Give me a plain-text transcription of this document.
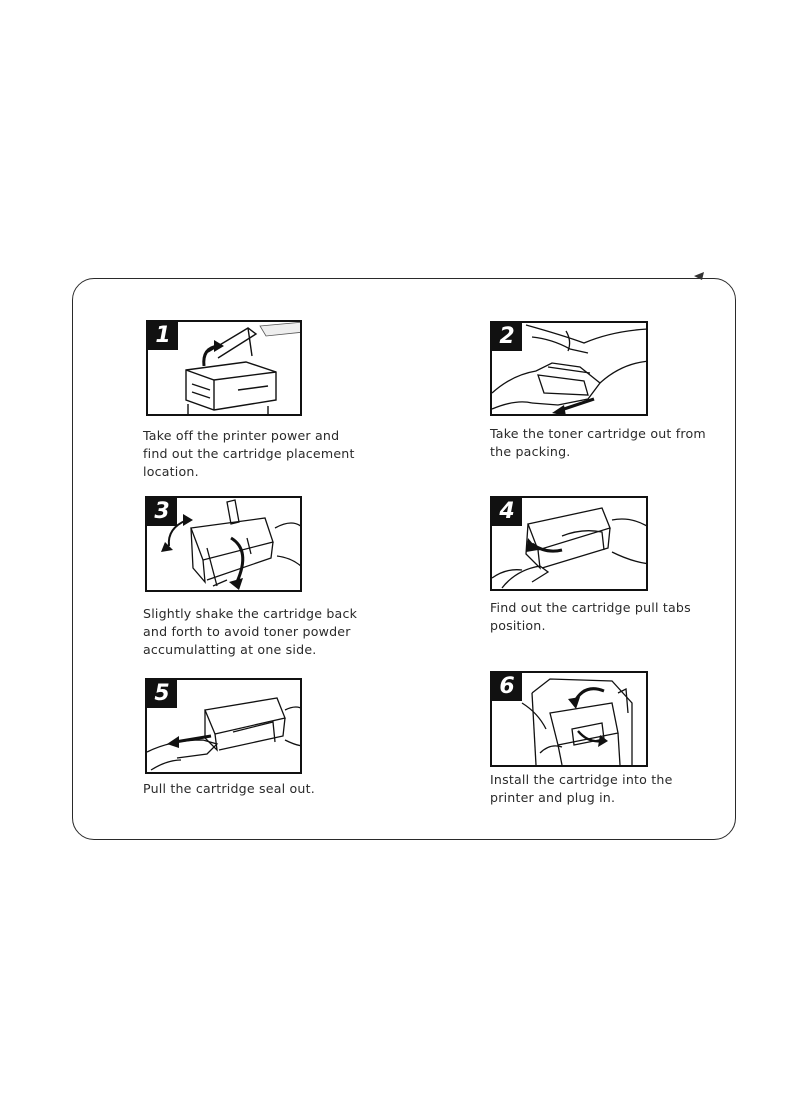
1
Take off the printer power and
find out the cartridge placement
location.
2
Take the toner cartridge out from
the packing.
3
Slightly shake the cartridge back
and forth to avoid toner powder
accumulatting at one side.
4
Find out the cartridge pull tabs
position.
5
Pull the cartridge seal out.
6
Install the cartridge into the
printer and plug in.
